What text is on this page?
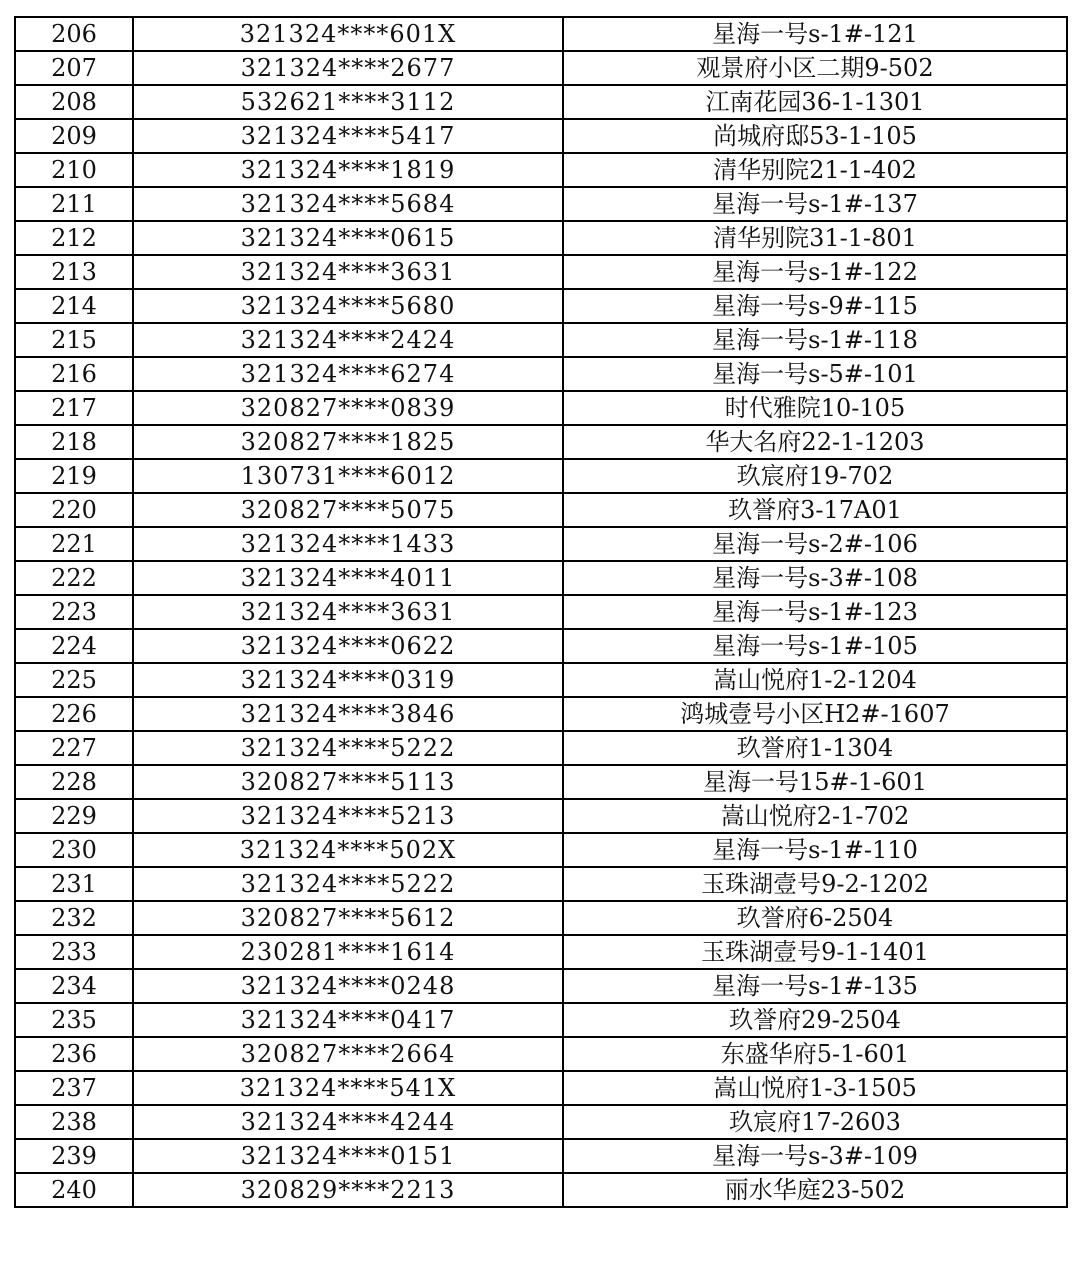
206	321324****601X	星海一号s-1#-121
207	321324****2677	观景府小区二期9-502
208	532621****3112	江南花园36-1-1301
209	321324****5417	尚城府邸53-1-105
210	321324****1819	清华别院21-1-402
211	321324****5684	星海一号s-1#-137
212	321324****0615	清华别院31-1-801
213	321324****3631	星海一号s-1#-122
214	321324****5680	星海一号s-9#-115
215	321324****2424	星海一号s-1#-118
216	321324****6274	星海一号s-5#-101
217	320827****0839	时代雅院10-105
218	320827****1825	华大名府22-1-1203
219	130731****6012	玖宸府19-702
220	320827****5075	玖誉府3-17A01
221	321324****1433	星海一号s-2#-106
222	321324****4011	星海一号s-3#-108
223	321324****3631	星海一号s-1#-123
224	321324****0622	星海一号s-1#-105
225	321324****0319	嵩山悦府1-2-1204
226	321324****3846	鸿城壹号小区H2#-1607
227	321324****5222	玖誉府1-1304
228	320827****5113	星海一号15#-1-601
229	321324****5213	嵩山悦府2-1-702
230	321324****502X	星海一号s-1#-110
231	321324****5222	玉珠湖壹号9-2-1202
232	320827****5612	玖誉府6-2504
233	230281****1614	玉珠湖壹号9-1-1401
234	321324****0248	星海一号s-1#-135
235	321324****0417	玖誉府29-2504
236	320827****2664	东盛华府5-1-601
237	321324****541X	嵩山悦府1-3-1505
238	321324****4244	玖宸府17-2603
239	321324****0151	星海一号s-3#-109
240	320829****2213	丽水华庭23-502
